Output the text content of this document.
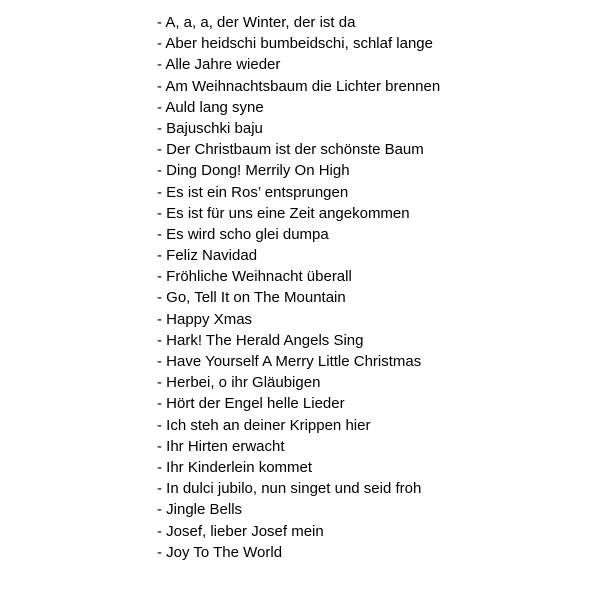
- A, a, a, der Winter, der ist da
- Aber heidschi bumbeidschi, schlaf lange
- Alle Jahre wieder
- Am Weihnachtsbaum die Lichter brennen
- Auld lang syne
- Bajuschki baju
- Der Christbaum ist der schönste Baum
- Ding Dong! Merrily On High
- Es ist ein Ros’ entsprungen
- Es ist für uns eine Zeit angekommen
- Es wird scho glei dumpa
- Feliz Navidad
- Fröhliche Weihnacht überall
- Go, Tell It on The Mountain
- Happy Xmas
- Hark! The Herald Angels Sing
- Have Yourself A Merry Little Christmas
- Herbei, o ihr Gläubigen
- Hört der Engel helle Lieder
- Ich steh an deiner Krippen hier
- Ihr Hirten erwacht
- Ihr Kinderlein kommet
- In dulci jubilo, nun singet und seid froh
- Jingle Bells
- Josef, lieber Josef mein
- Joy To The World
